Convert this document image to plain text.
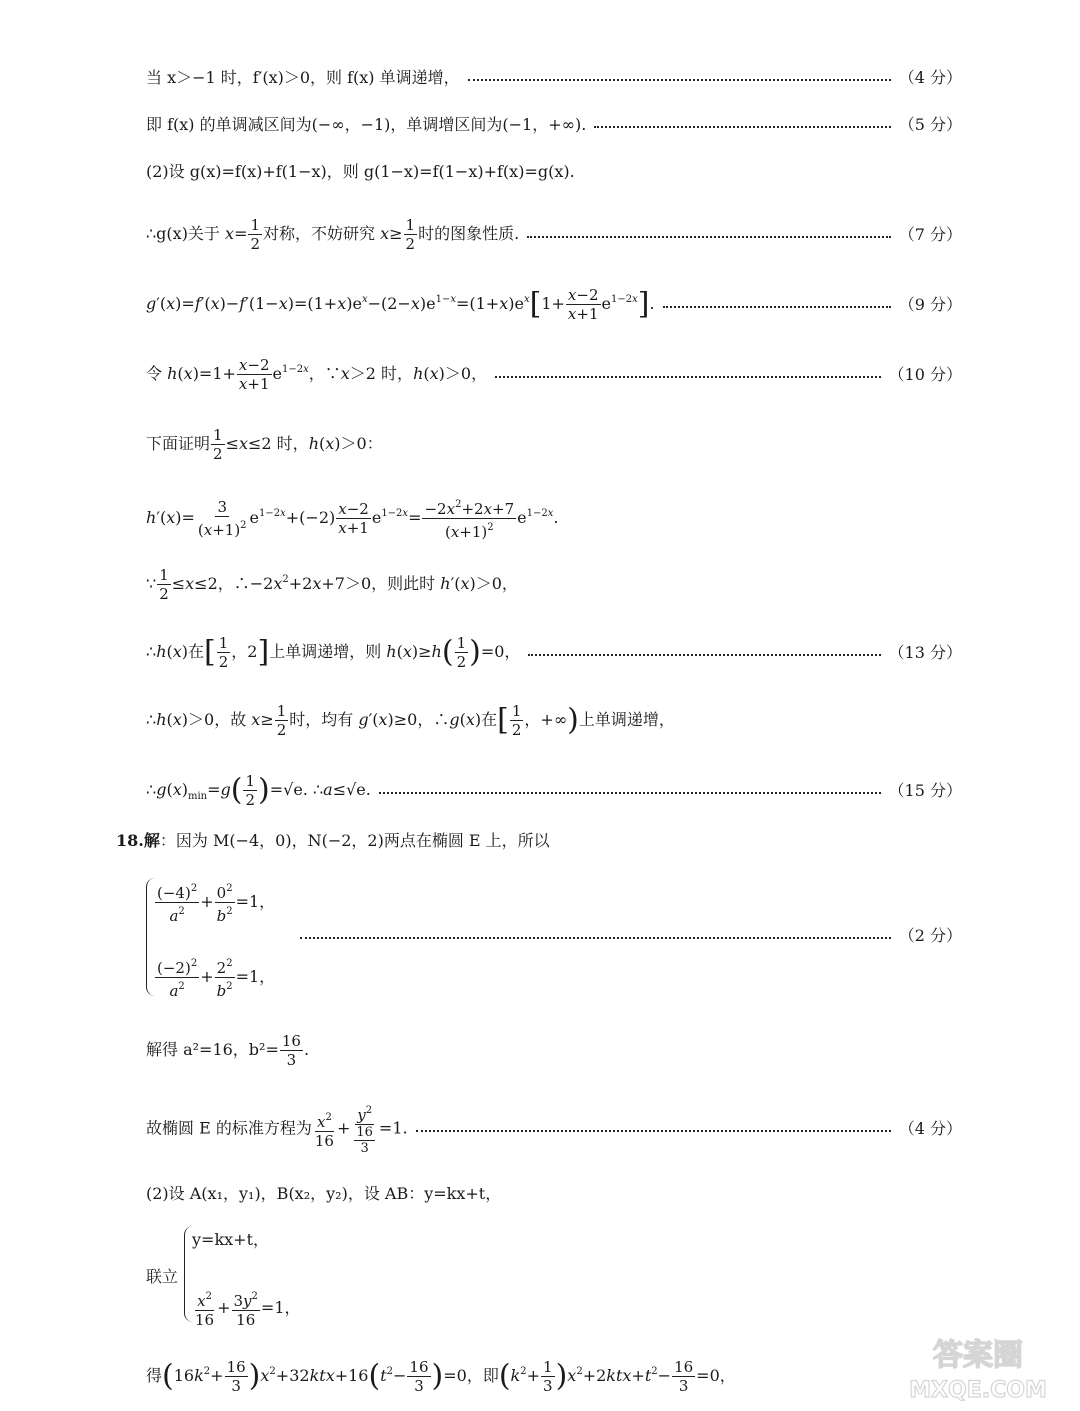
当 x＞−1 时，f′(x)＞0，则 f(x) 单调递增，	（4 分）
即 f(x) 的单调减区间为(−∞，−1)，单调增区间为(−1，+∞).	（5 分）
(2)设 g(x)=f(x)+f(1−x)，则 g(1−x)=f(1−x)+f(x)=g(x).
∴g(x)关于 $x= \frac{1}{2}$ 对称，不妨研究 $x\ge \frac{1}{2}$ 时的图象性质.	（7 分）
$g'(x)=f'(x)-f'(1-x)=(1+x)e^x-(2-x)e^{1-x}=(1+x)e^x[1+ \frac{x-2}{x+1} e^{1-2x}]$.	（9 分）
令 $h(x)=1+ \frac{x-2}{x+1} e^{1-2x}$，∵x＞2 时，h(x)＞0，	（10 分）
下面证明 $\frac{1}{2} \le x\le 2$ 时，h(x)＞0：
$h'(x)= \frac{3}{(x+1)^2} e^{1-2x}+(-2) \frac{x-2}{x+1} e^{1-2x}= \frac{-2x^2+2x+7}{(x+1)^2} e^{1-2x}$.
∵ $\frac{1}{2} \le x\le 2$，$\therefore-2x^2+2x+7>0$，则此时 h′(x)＞0，
∴h(x)在[ $\frac{1}{2}$ ，2]上单调递增，则 $h(x)\ge h( \frac{1}{2} )=0$，	（13 分）
∴h(x)＞0，故 $x\ge \frac{1}{2}$ 时，均有 g′(x)≥0，∴g(x)在[ $\frac{1}{2}$ ，+∞)上单调递增，
$\therefore g(x)_{min}=g( \frac{1}{2} )=√e$. ∴a≤√e.	（15 分）
18.解：因为 M(−4，0)，N(−2，2)两点在椭圆 E 上，所以
$\frac{(-4)^2}{a^2} + \frac{0^2}{b^2} =1$，
$\frac{(-2)^2}{a^2} + \frac{2^2}{b^2} =1$，
（2 分）
解得 a²=16，$b^2= \frac{16}{3}$ .
故椭圆 E 的标准方程为 $\frac{x^2}{16} + \frac{y^2}{\frac{16}{3}} =1$.	（4 分）
(2)设 A(x₁，y₁)，B(x₂，y₂)，设 AB：y=kx+t，
联立
y=kx+t，
$\frac{x^2}{16} + \frac{3y^2}{16} =1$，
得$(16k^2+ \frac{16}{3} )x^2+32ktx+16(t^2- \frac{16}{3} )=0$，即$(k^2+ \frac{1}{3} )x^2+2ktx+t^2- \frac{16}{3} =0$，
答案圈
MXQE.COM
